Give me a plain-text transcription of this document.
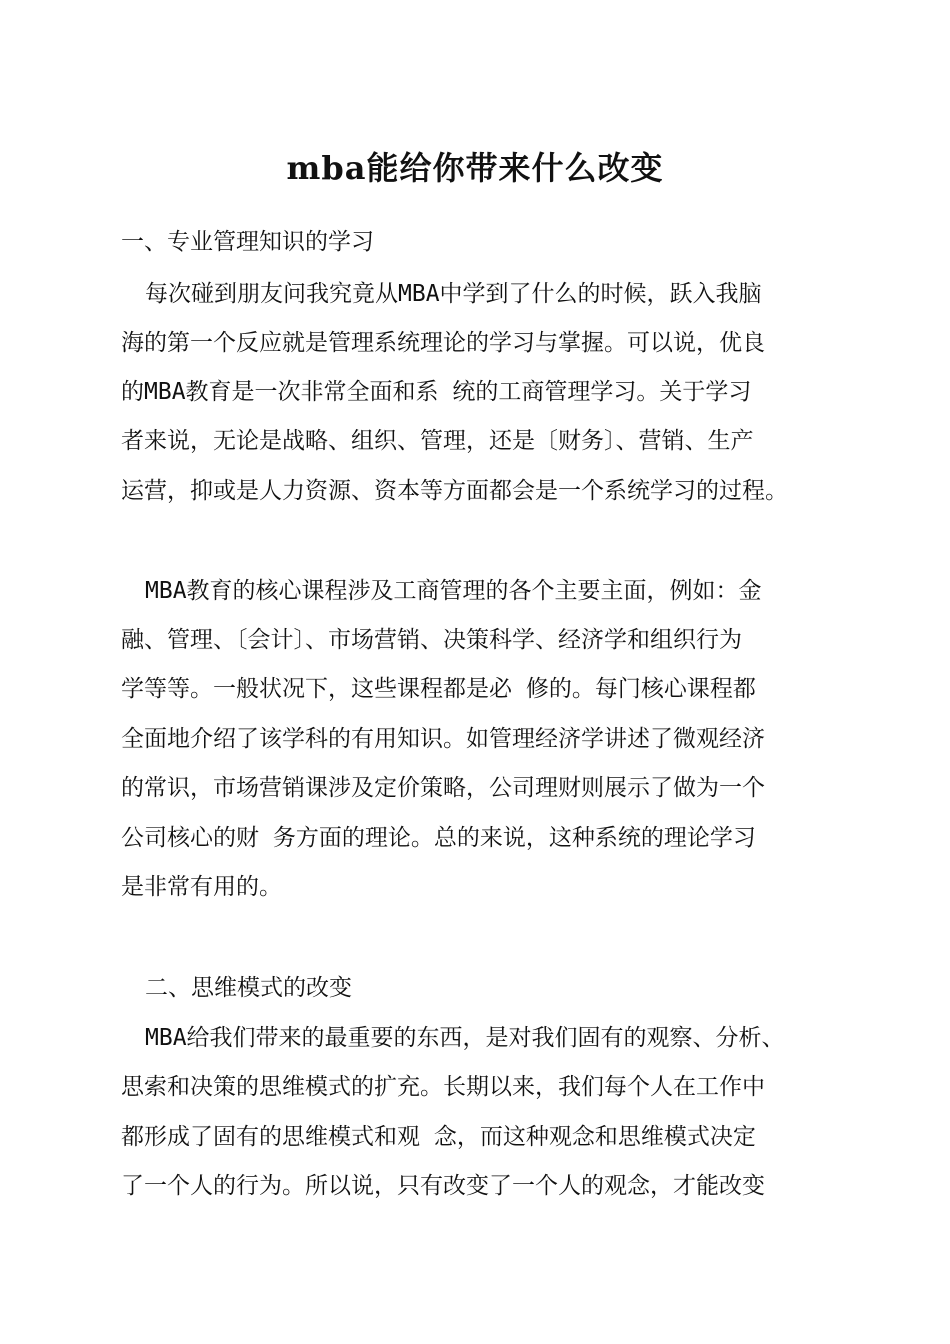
mba能给你带来什么改变

一、专业管理知识的学习

每次碰到朋友问我究竟从MBA中学到了什么的时候，跃入我脑

海的第一个反应就是管理系统理论的学习与掌握。可以说，优良

的MBA教育是一次非常全面和系 统的工商管理学习。关于学习

者来说，无论是战略、组织、管理，还是〔财务〕、营销、生产

运营，抑或是人力资源、资本等方面都会是一个系统学习的过程。

MBA教育的核心课程涉及工商管理的各个主要主面，例如：金

融、管理、〔会计〕、市场营销、决策科学、经济学和组织行为

学等等。一般状况下，这些课程都是必 修的。每门核心课程都

全面地介绍了该学科的有用知识。如管理经济学讲述了微观经济

的常识，市场营销课涉及定价策略，公司理财则展示了做为一个

公司核心的财 务方面的理论。总的来说，这种系统的理论学习

是非常有用的。

二、思维模式的改变

MBA给我们带来的最重要的东西，是对我们固有的观察、分析、

思索和决策的思维模式的扩充。长期以来，我们每个人在工作中

都形成了固有的思维模式和观 念，而这种观念和思维模式决定

了一个人的行为。所以说，只有改变了一个人的观念，才能改变
